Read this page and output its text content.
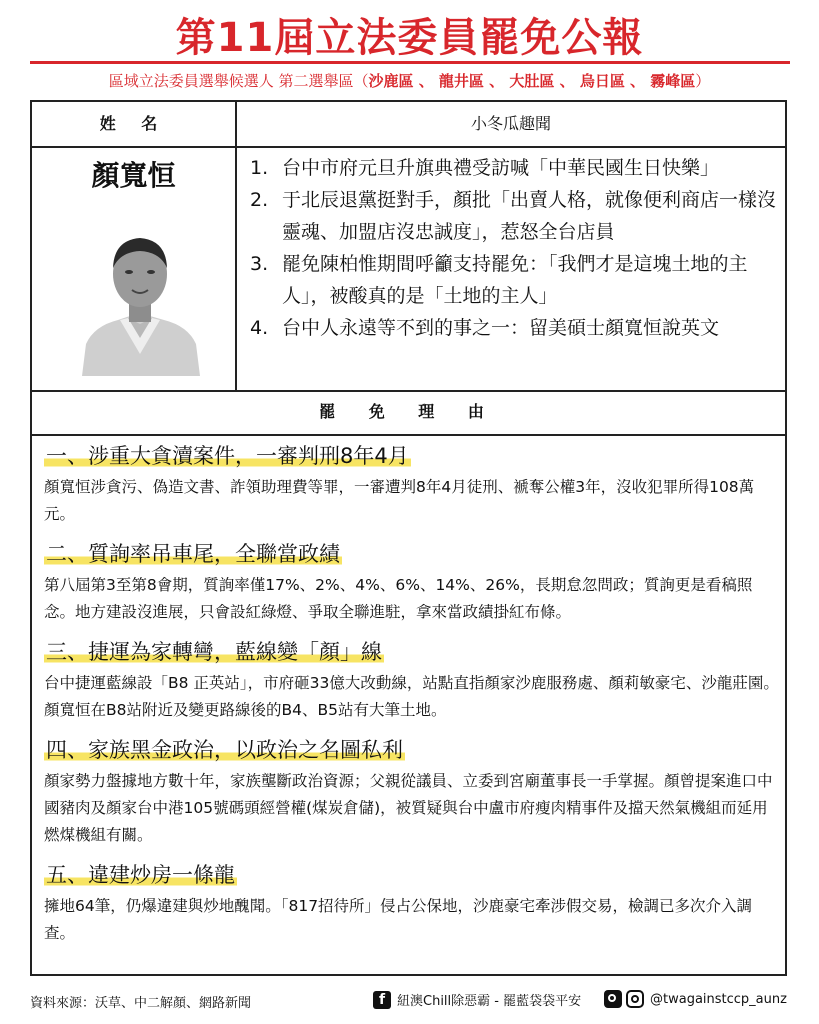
第11屆立法委員罷免公報
區域立法委員選舉候選人 第二選舉區（沙鹿區 、 龍井區 、 大肚區 、 烏日區 、 霧峰區）
姓 名	小冬瓜趣聞
顏寬恒	1. 台中市府元旦升旗典禮受訪喊「中華民國生日快樂」
2. 于北辰退黨挺對手，顏批「出賣人格，就像便利商店一樣沒靈魂、加盟店沒忠誠度」，惹怒全台店員
3. 罷免陳柏惟期間呼籲支持罷免：「我們才是這塊土地的主人」，被酸真的是「土地的主人」
4. 台中人永遠等不到的事之一：留美碩士顏寬恒說英文
罷 免 理 由
一、涉重大貪瀆案件，一審判刑8年4月
顏寬恒涉貪污、偽造文書、詐領助理費等罪，一審遭判8年4月徒刑、褫奪公權3年，沒收犯罪所得108萬元。
二、質詢率吊車尾，全聯當政績
第八屆第3至第8會期，質詢率僅17%、2%、4%、6%、14%、26%，長期怠忽問政；質詢更是看稿照念。地方建設沒進展，只會設紅綠燈、爭取全聯進駐，拿來當政績掛紅布條。
三、捷運為家轉彎，藍線變「顏」線
台中捷運藍線設「B8 正英站」，市府砸33億大改動線，站點直指顏家沙鹿服務處、顏莉敏豪宅、沙龍莊園。顏寬恒在B8站附近及變更路線後的B4、B5站有大筆土地。
四、家族黑金政治，以政治之名圖私利
顏家勢力盤據地方數十年，家族壟斷政治資源；父親從議員、立委到宮廟董事長一手掌握。顏曾提案進口中國豬肉及顏家台中港105號碼頭經營權(煤炭倉儲)，被質疑與台中盧市府瘦肉精事件及擋天然氣機組而延用燃煤機組有關。
五、違建炒房一條龍
擁地64筆，仍爆違建與炒地醜聞。「817招待所」侵占公保地，沙鹿豪宅牽涉假交易，檢調已多次介入調查。
資料來源：沃草、中二解顏、網路新聞	f 紐澳Chill除惡霸 - 罷藍袋袋平安	@twagainstccp_aunz
